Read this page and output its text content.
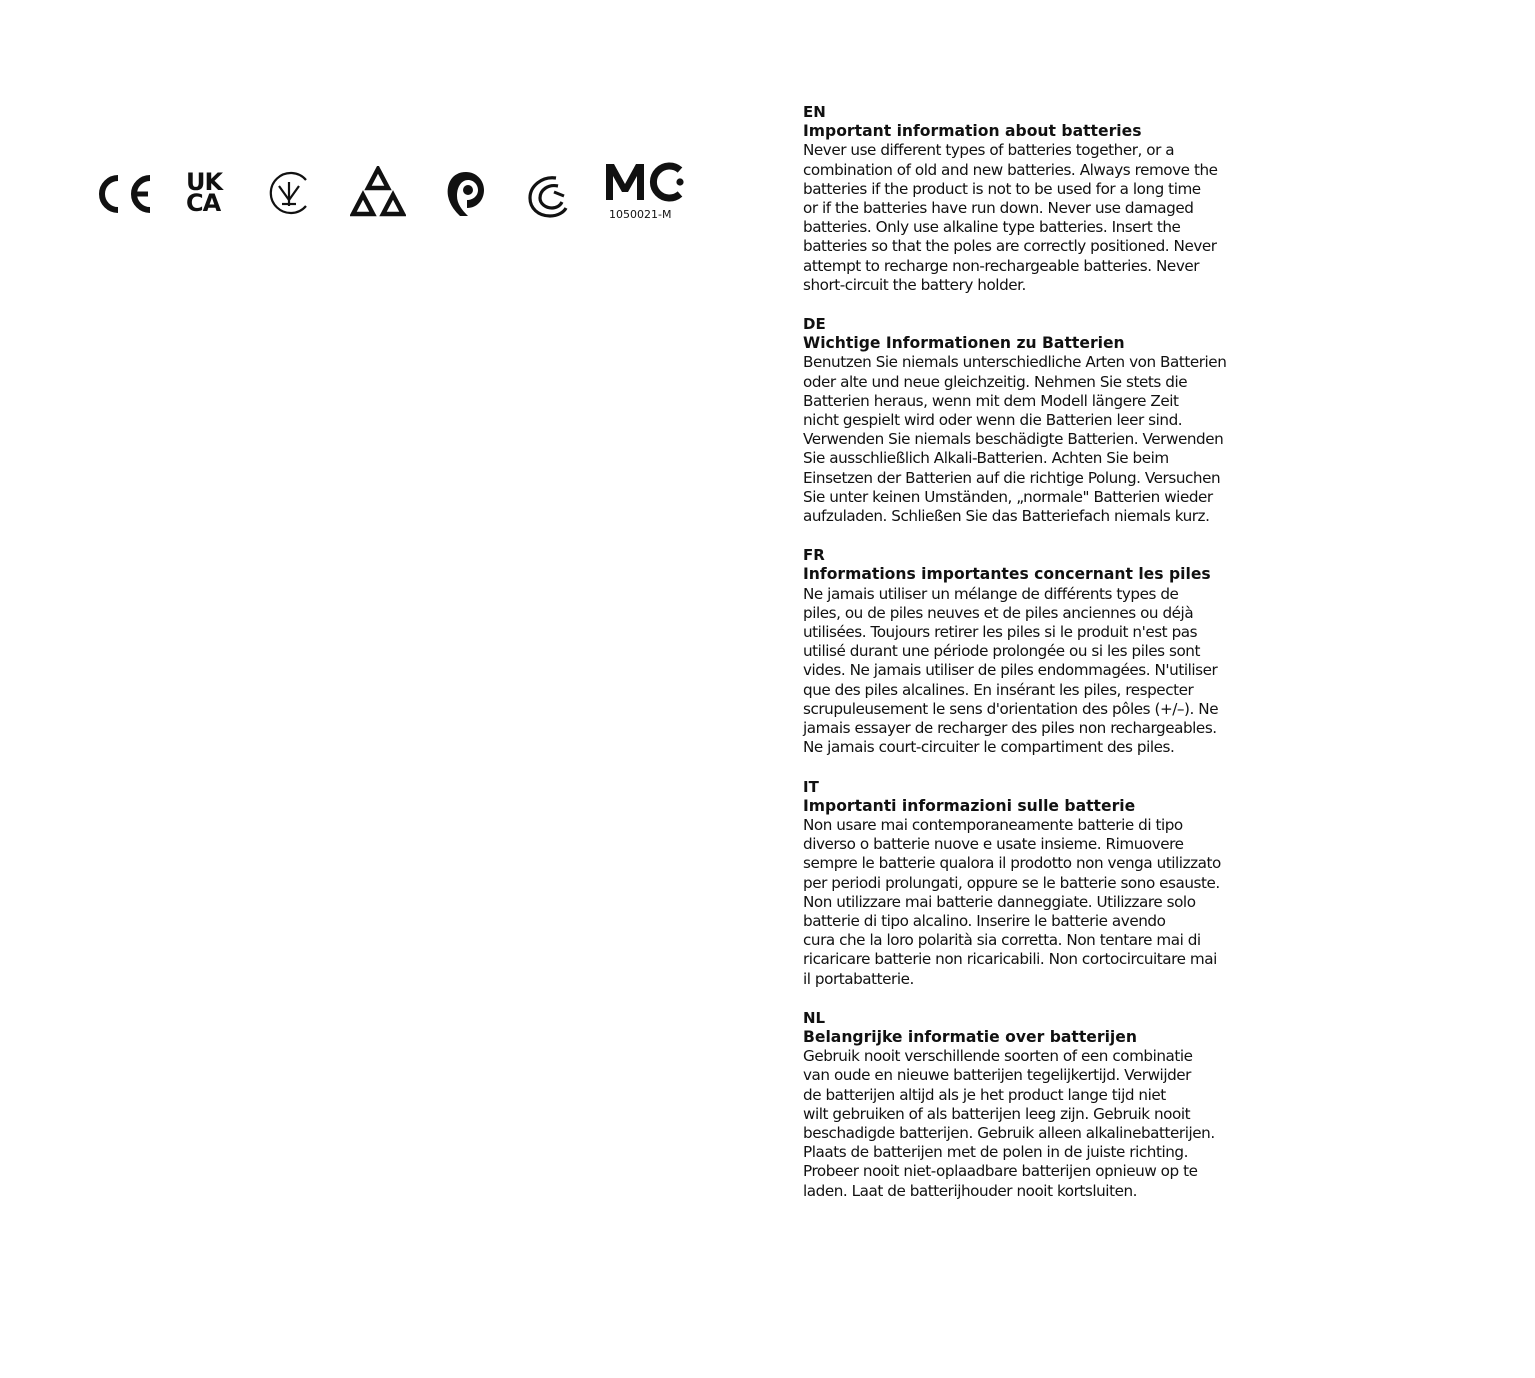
UK
CA	1050021-M
EN
Important information about batteries
Never use different types of batteries together, or a
combination of old and new batteries. Always remove the
batteries if the product is not to be used for a long time
or if the batteries have run down. Never use damaged
batteries. Only use alkaline type batteries. Insert the
batteries so that the poles are correctly positioned. Never
attempt to recharge non-rechargeable batteries. Never
short-circuit the battery holder.
DE
Wichtige Informationen zu Batterien
Benutzen Sie niemals unterschiedliche Arten von Batterien
oder alte und neue gleichzeitig. Nehmen Sie stets die
Batterien heraus, wenn mit dem Modell längere Zeit
nicht gespielt wird oder wenn die Batterien leer sind.
Verwenden Sie niemals beschädigte Batterien. Verwenden
Sie ausschließlich Alkali-Batterien. Achten Sie beim
Einsetzen der Batterien auf die richtige Polung. Versuchen
Sie unter keinen Umständen, „normale" Batterien wieder
aufzuladen. Schließen Sie das Batteriefach niemals kurz.
FR
Informations importantes concernant les piles
Ne jamais utiliser un mélange de différents types de
piles, ou de piles neuves et de piles anciennes ou déjà
utilisées. Toujours retirer les piles si le produit n'est pas
utilisé durant une période prolongée ou si les piles sont
vides. Ne jamais utiliser de piles endommagées. N'utiliser
que des piles alcalines. En insérant les piles, respecter
scrupuleusement le sens d'orientation des pôles (+/–). Ne
jamais essayer de recharger des piles non rechargeables.
Ne jamais court-circuiter le compartiment des piles.
IT
Importanti informazioni sulle batterie
Non usare mai contemporaneamente batterie di tipo
diverso o batterie nuove e usate insieme. Rimuovere
sempre le batterie qualora il prodotto non venga utilizzato
per periodi prolungati, oppure se le batterie sono esauste.
Non utilizzare mai batterie danneggiate. Utilizzare solo
batterie di tipo alcalino. Inserire le batterie avendo
cura che la loro polarità sia corretta. Non tentare mai di
ricaricare batterie non ricaricabili. Non cortocircuitare mai
il portabatterie.
NL
Belangrijke informatie over batterijen
Gebruik nooit verschillende soorten of een combinatie
van oude en nieuwe batterijen tegelijkertijd. Verwijder
de batterijen altijd als je het product lange tijd niet
wilt gebruiken of als batterijen leeg zijn. Gebruik nooit
beschadigde batterijen. Gebruik alleen alkalinebatterijen.
Plaats de batterijen met de polen in de juiste richting.
Probeer nooit niet-oplaadbare batterijen opnieuw op te
laden. Laat de batterijhouder nooit kortsluiten.
